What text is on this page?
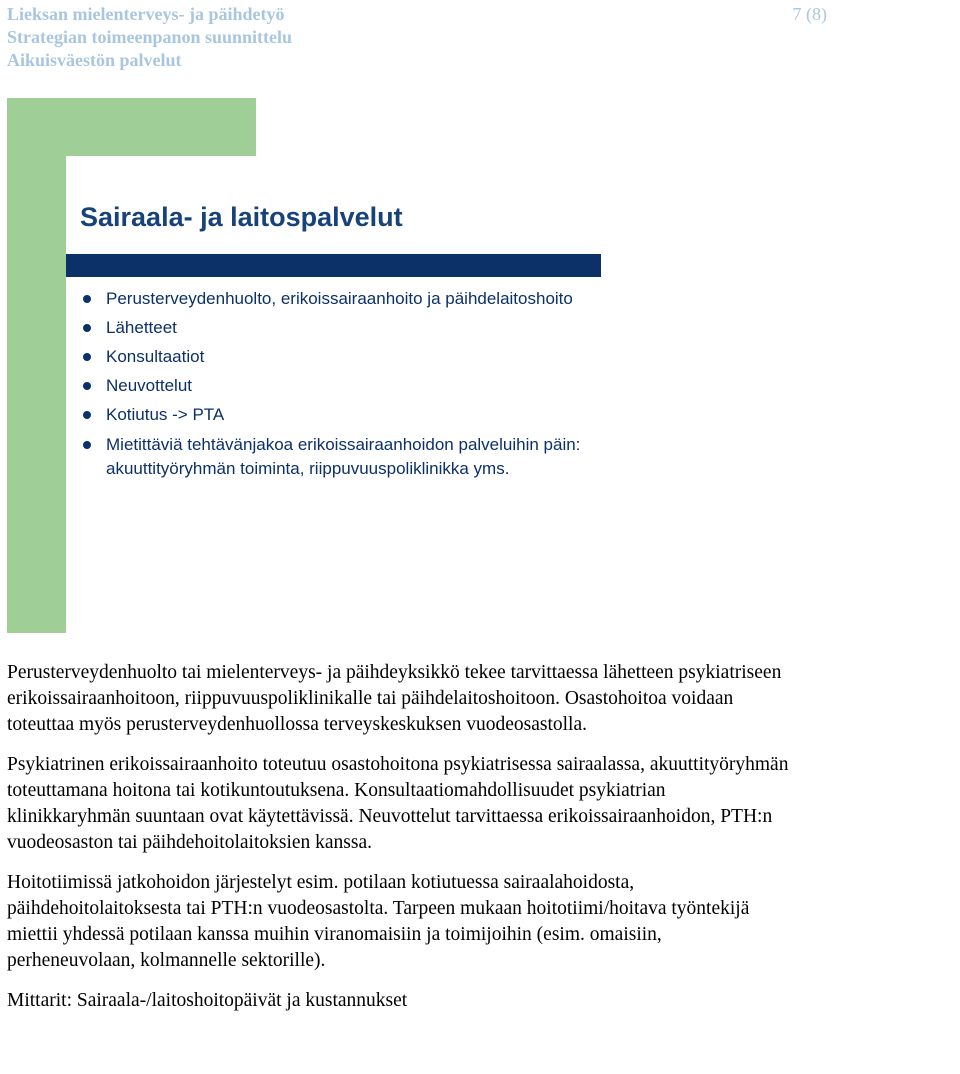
Lieksan mielenterveys- ja päihdetyö
Strategian toimeenpanon suunnittelu
Aikuisväestön palvelut
7 (8)
Sairaala- ja laitospalvelut
Perusterveydenhuolto, erikoissairaanhoito ja päihdelaitoshoito
Lähetteet
Konsultaatiot
Neuvottelut
Kotiutus -> PTA
Mietittäviä tehtävänjakoa erikoissairaanhoidon palveluihin päin:
akuuttityöryhmän toiminta, riippuvuuspoliklinikka yms.

Perusterveydenhuolto tai mielenterveys- ja päihdeyksikkö tekee tarvittaessa lähetteen psykiatriseen
erikoissairaanhoitoon, riippuvuuspoliklinikalle tai päihdelaitoshoitoon. Osastohoitoa voidaan
toteuttaa myös perusterveydenhuollossa terveyskeskuksen vuodeosastolla.

Psykiatrinen erikoissairaanhoito toteutuu osastohoitona psykiatrisessa sairaalassa, akuuttityöryhmän
toteuttamana hoitona tai kotikuntoutuksena. Konsultaatiomahdollisuudet psykiatrian
klinikkaryhmän suuntaan ovat käytettävissä. Neuvottelut tarvittaessa erikoissairaanhoidon, PTH:n
vuodeosaston tai päihdehoitolaitoksien kanssa.

Hoitotiimissä jatkohoidon järjestelyt esim. potilaan kotiutuessa sairaalahoidosta,
päihdehoitolaitoksesta tai PTH:n vuodeosastolta. Tarpeen mukaan hoitotiimi/hoitava työntekijä
miettii yhdessä potilaan kanssa muihin viranomaisiin ja toimijoihin (esim. omaisiin,
perheneuvolaan, kolmannelle sektorille).

Mittarit: Sairaala-/laitoshoitopäivät ja kustannukset
